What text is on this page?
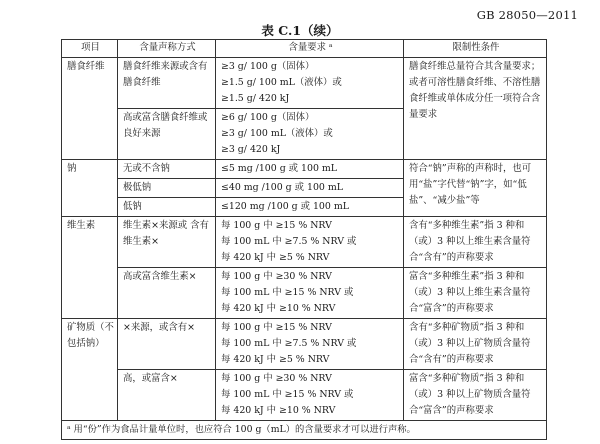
GB 28050—2011
表 C.1（续）
项目	含量声称方式	含量要求 ᵃ	限制性条件
膳食纤维	膳食纤维来源或含有膳食纤维	≥3 g/ 100 g（固体）
≥1.5 g/ 100 mL（液体）或
≥1.5 g/ 420 kJ	膳食纤维总量符合其含量要求；或者可溶性膳食纤维、不溶性膳食纤维或单体成分任一项符合含量要求
	高或富含膳食纤维或良好来源	≥6 g/ 100 g（固体）
≥3 g/ 100 mL（液体）或
≥3 g/ 420 kJ	

钠	无或不含钠	≤5 mg /100 g 或 100 mL	符合“钠”声称的声称时，也可用“盐”字代替“钠”字，如“低盐”、“减少盐”等
	极低钠	≤40 mg /100 g 或 100 mL	
	低钠	≤120 mg /100 g 或 100 mL	
维生素	维生素×来源或 含有维生素×	每 100 g 中 ≥15 % NRV
每 100 mL 中 ≥7.5 % NRV 或
每 420 kJ 中 ≥5 % NRV	含有“多种维生素”指 3 种和（或）3 种以上维生素含量符合“含有”的声称要求
	高或富含维生素×	每 100 g 中 ≥30 % NRV
每 100 mL 中 ≥15 % NRV 或
每 420 kJ 中 ≥10 % NRV	富含“多种维生素”指 3 种和（或）3 种以上维生素含量符合“富含”的声称要求
矿物质（不包括钠）	×来源，或含有×	每 100 g 中 ≥15 % NRV
每 100 mL 中 ≥7.5 % NRV 或
每 420 kJ 中 ≥5 % NRV	含有“多种矿物质”指 3 种和（或）3 种以上矿物质含量符合“含有”的声称要求
	高，或富含×	每 100 g 中 ≥30 % NRV
每 100 mL 中 ≥15 % NRV 或
每 420 kJ 中 ≥10 % NRV	富含“多种矿物质”指 3 种和（或）3 种以上矿物质含量符合“富含”的声称要求
ᵃ 用“份”作为食品计量单位时，也应符合 100 g（mL）的含量要求才可以进行声称。			
